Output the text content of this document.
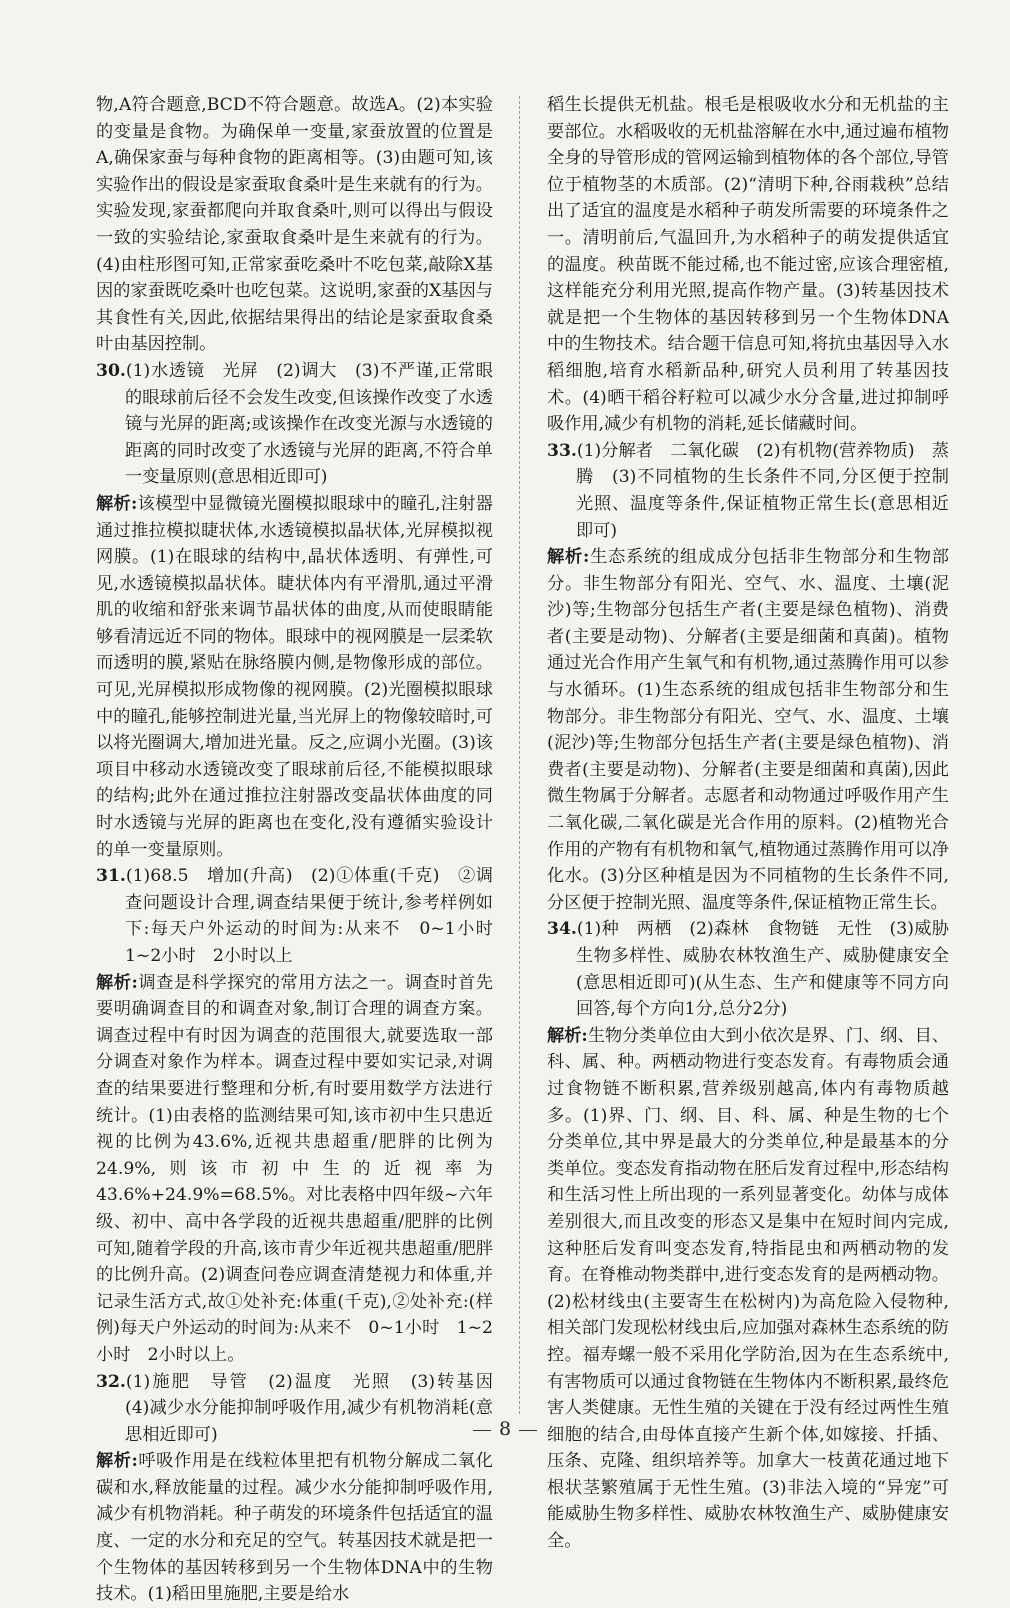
物,A符合题意,BCD不符合题意。故选A。(2)本实验的变量是食物。为确保单一变量,家蚕放置的位置是A,确保家蚕与每种食物的距离相等。(3)由题可知,该实验作出的假设是家蚕取食桑叶是生来就有的行为。实验发现,家蚕都爬向并取食桑叶,则可以得出与假设一致的实验结论,家蚕取食桑叶是生来就有的行为。(4)由柱形图可知,正常家蚕吃桑叶不吃包菜,敲除X基因的家蚕既吃桑叶也吃包菜。这说明,家蚕的X基因与其食性有关,因此,依据结果得出的结论是家蚕取食桑叶由基因控制。

30.(1)水透镜　光屏　(2)调大　(3)不严谨,正常眼的眼球前后径不会发生改变,但该操作改变了水透镜与光屏的距离;或该操作在改变光源与水透镜的距离的同时改变了水透镜与光屏的距离,不符合单一变量原则(意思相近即可)

解析:该模型中显微镜光圈模拟眼球中的瞳孔,注射器通过推拉模拟睫状体,水透镜模拟晶状体,光屏模拟视网膜。(1)在眼球的结构中,晶状体透明、有弹性,可见,水透镜模拟晶状体。睫状体内有平滑肌,通过平滑肌的收缩和舒张来调节晶状体的曲度,从而使眼睛能够看清远近不同的物体。眼球中的视网膜是一层柔软而透明的膜,紧贴在脉络膜内侧,是物像形成的部位。可见,光屏模拟形成物像的视网膜。(2)光圈模拟眼球中的瞳孔,能够控制进光量,当光屏上的物像较暗时,可以将光圈调大,增加进光量。反之,应调小光圈。(3)该项目中移动水透镜改变了眼球前后径,不能模拟眼球的结构;此外在通过推拉注射器改变晶状体曲度的同时水透镜与光屏的距离也在变化,没有遵循实验设计的单一变量原则。

31.(1)68.5　增加(升高)　(2)①体重(千克)　②调查问题设计合理,调查结果便于统计,参考样例如下:每天户外运动的时间为:从来不　0~1小时　1~2小时　2小时以上

解析:调查是科学探究的常用方法之一。调查时首先要明确调查目的和调查对象,制订合理的调查方案。调查过程中有时因为调查的范围很大,就要选取一部分调查对象作为样本。调查过程中要如实记录,对调查的结果要进行整理和分析,有时要用数学方法进行统计。(1)由表格的监测结果可知,该市初中生只患近视的比例为43.6%,近视共患超重/肥胖的比例为24.9%,则该市初中生的近视率为43.6%+24.9%=68.5%。对比表格中四年级~六年级、初中、高中各学段的近视共患超重/肥胖的比例可知,随着学段的升高,该市青少年近视共患超重/肥胖的比例升高。(2)调查问卷应调查清楚视力和体重,并记录生活方式,故①处补充:体重(千克),②处补充:(样例)每天户外运动的时间为:从来不　0~1小时　1~2小时　2小时以上。

32.(1)施肥　导管　(2)温度　光照　(3)转基因　(4)减少水分能抑制呼吸作用,减少有机物消耗(意思相近即可)

解析:呼吸作用是在线粒体里把有机物分解成二氧化碳和水,释放能量的过程。减少水分能抑制呼吸作用,减少有机物消耗。种子萌发的环境条件包括适宜的温度、一定的水分和充足的空气。转基因技术就是把一个生物体的基因转移到另一个生物体DNA中的生物技术。(1)稻田里施肥,主要是给水

稻生长提供无机盐。根毛是根吸收水分和无机盐的主要部位。水稻吸收的无机盐溶解在水中,通过遍布植物全身的导管形成的管网运输到植物体的各个部位,导管位于植物茎的木质部。(2)“清明下种,谷雨栽秧”总结出了适宜的温度是水稻种子萌发所需要的环境条件之一。清明前后,气温回升,为水稻种子的萌发提供适宜的温度。秧苗既不能过稀,也不能过密,应该合理密植,这样能充分利用光照,提高作物产量。(3)转基因技术就是把一个生物体的基因转移到另一个生物体DNA中的生物技术。结合题干信息可知,将抗虫基因导入水稻细胞,培育水稻新品种,研究人员利用了转基因技术。(4)晒干稻谷籽粒可以减少水分含量,进过抑制呼吸作用,减少有机物的消耗,延长储藏时间。

33.(1)分解者　二氧化碳　(2)有机物(营养物质)　蒸腾　(3)不同植物的生长条件不同,分区便于控制光照、温度等条件,保证植物正常生长(意思相近即可)

解析:生态系统的组成成分包括非生物部分和生物部分。非生物部分有阳光、空气、水、温度、土壤(泥沙)等;生物部分包括生产者(主要是绿色植物)、消费者(主要是动物)、分解者(主要是细菌和真菌)。植物通过光合作用产生氧气和有机物,通过蒸腾作用可以参与水循环。(1)生态系统的组成包括非生物部分和生物部分。非生物部分有阳光、空气、水、温度、土壤(泥沙)等;生物部分包括生产者(主要是绿色植物)、消费者(主要是动物)、分解者(主要是细菌和真菌),因此微生物属于分解者。志愿者和动物通过呼吸作用产生二氧化碳,二氧化碳是光合作用的原料。(2)植物光合作用的产物有有机物和氧气,植物通过蒸腾作用可以净化水。(3)分区种植是因为不同植物的生长条件不同,分区便于控制光照、温度等条件,保证植物正常生长。

34.(1)种　两栖　(2)森林　食物链　无性　(3)威胁生物多样性、威胁农林牧渔生产、威胁健康安全(意思相近即可)(从生态、生产和健康等不同方向回答,每个方向1分,总分2分)

解析:生物分类单位由大到小依次是界、门、纲、目、科、属、种。两栖动物进行变态发育。有毒物质会通过食物链不断积累,营养级别越高,体内有毒物质越多。(1)界、门、纲、目、科、属、种是生物的七个分类单位,其中界是最大的分类单位,种是最基本的分类单位。变态发育指动物在胚后发育过程中,形态结构和生活习性上所出现的一系列显著变化。幼体与成体差别很大,而且改变的形态又是集中在短时间内完成,这种胚后发育叫变态发育,特指昆虫和两栖动物的发育。在脊椎动物类群中,进行变态发育的是两栖动物。(2)松材线虫(主要寄生在松树内)为高危险入侵物种,相关部门发现松材线虫后,应加强对森林生态系统的防控。福寿螺一般不采用化学防治,因为在生态系统中,有害物质可以通过食物链在生物体内不断积累,最终危害人类健康。无性生殖的关键在于没有经过两性生殖细胞的结合,由母体直接产生新个体,如嫁接、扦插、压条、克隆、组织培养等。加拿大一枝黄花通过地下根状茎繁殖属于无性生殖。(3)非法入境的“异宠”可能威胁生物多样性、威胁农林牧渔生产、威胁健康安全。

8
